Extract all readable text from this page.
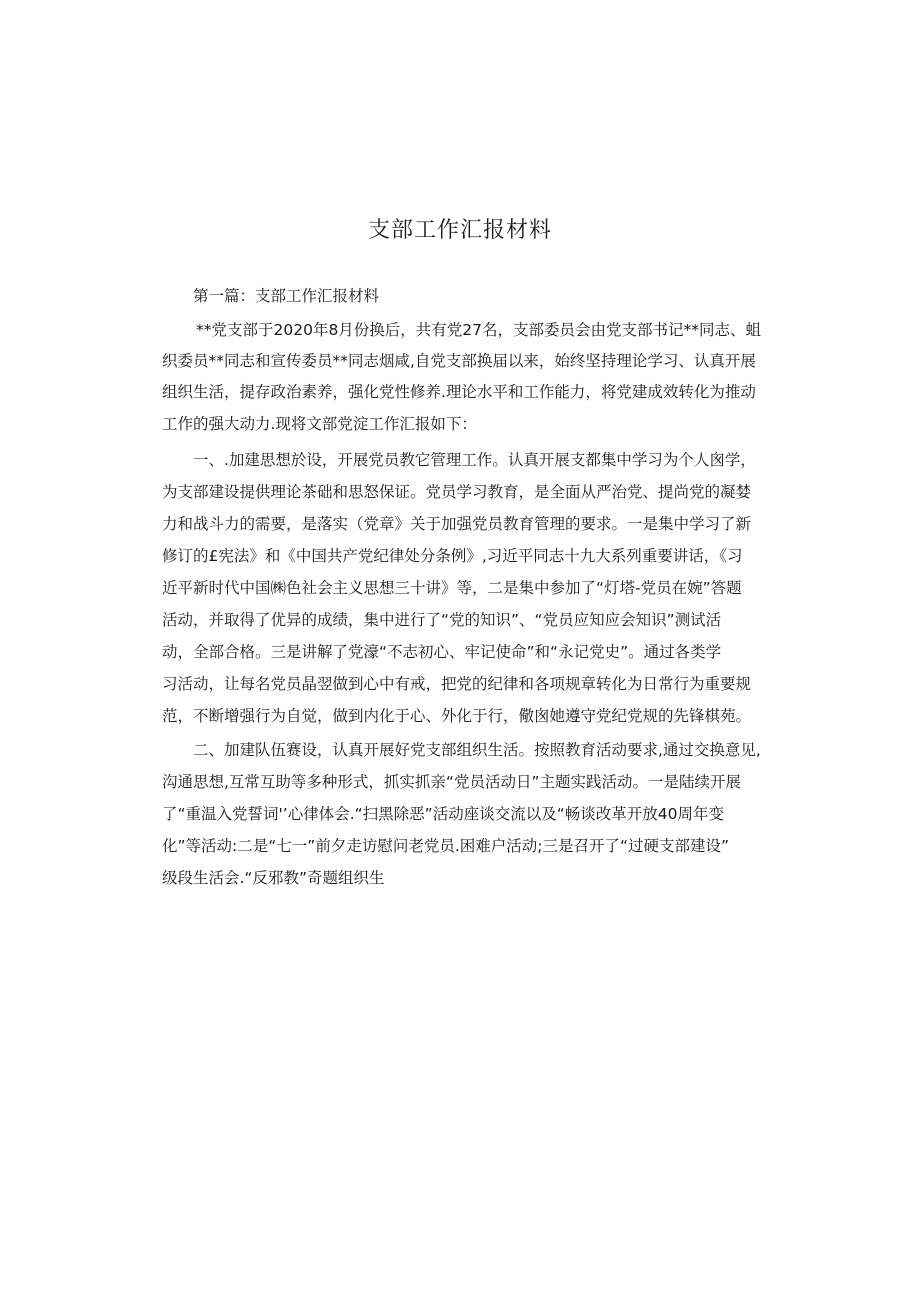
支部工作汇报材料

第一篇：支部工作汇报材料

**党支部于2020年8月份换后，共有党27名，支部委员会由党支部书记**同志、蛆

织委员**同志和宣传委员**同志烟咸,自党支部换届以来，始终坚持理论学习、认真开展

组织生活，提存政治素养，强化党性修养.理论水平和工作能力，将党建成效转化为推动

工作的强大动力.现将文部党淀工作汇报如下：

一、.加建思想於设，开展党员教它管理工作。认真开展支都集中学习为个人囪学，

为支部建设提供理论茶础和思怒保证。党员学习教育，是全面从严治党、提尚党的凝婪

力和战斗力的需要，是落实（党章》关于加强党员教育管理的要求。一是集中学习了新

修订的£宪法》和《中国共产党纪律处分条例》,习近平同志十九大系列重要讲话，《习

近平新时代中国㈱色社会主义思想三十讲》等，二是集中参加了“灯塔-党员在婉”答题

活动，并取得了优异的成绩，集中进行了“党的知识”、“党员应知应会知识”测试活

动，全部合格。三是讲解了党濠“不志初心、牢记使命”和“永记党史”。通过各类学

习活动，让每名党员晶翌做到心中有戒，把党的纪律和各项规章转化为日常行为重要规

范，不断增强行为自觉，做到内化于心、外化于行，儆囪她遵守党纪党规的先锋棋苑。

二、加建队伍赛设，认真开展好党支部组织生活。按照教育活动要求,通过交换意见,

沟通思想,互常互助等多种形式，抓实抓亲“党员活动日”主题实践活动。一是陆续开展

了“重温入党誓词'’心律体会.“扫黑除恶”活动座谈交流以及“畅谈改革开放40周年变

化”等活动:二是“七一”前夕走访慰问老党员.困难户活动;三是召开了“过硬支部建设”

级段生活会.“反邪教”奇题组织生
